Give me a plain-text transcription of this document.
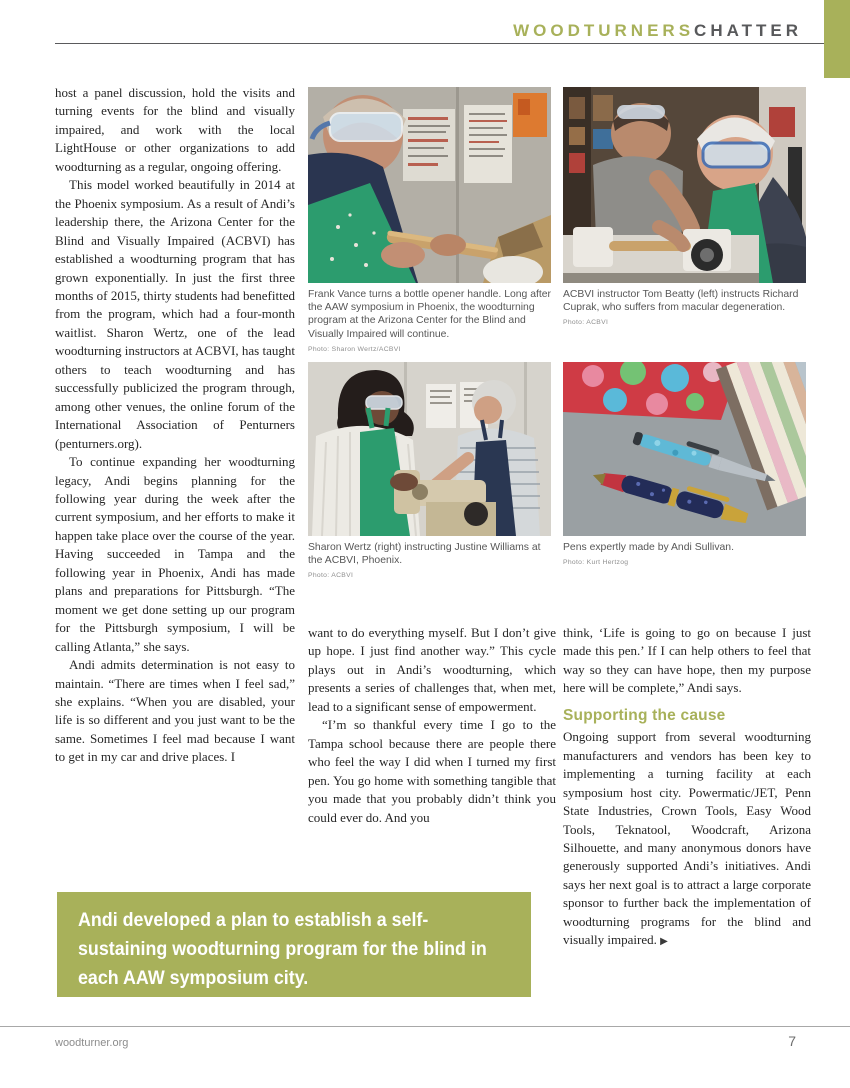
WOODTURNERSCHATTER

host a panel discussion, hold the visits and turning events for the blind and visually impaired, and work with the local LightHouse or other organizations to add woodturning as a regular, ongoing offering.

This model worked beautifully in 2014 at the Phoenix symposium. As a result of Andi’s leadership there, the Arizona Center for the Blind and Visually Impaired (ACBVI) has established a woodturning program that has grown exponentially. In just the first three months of 2015, thirty students had benefitted from the program, which had a four-month waitlist. Sharon Wertz, one of the lead woodturning instructors at ACBVI, has taught others to teach woodturning and has successfully publicized the program through, among other venues, the online forum of the International Association of Penturners (penturners.org).

To continue expanding her woodturning legacy, Andi begins planning for the following year during the week after the current symposium, and her efforts to make it happen take place over the course of the year. Having succeeded in Tampa and the following year in Phoenix, Andi has made plans and preparations for Pittsburgh. “The moment we get done setting up our program for the Pittsburgh symposium, I will be calling Atlanta,” she says.

Andi admits determination is not easy to maintain. “There are times when I feel sad,” she explains. “When you are disabled, your life is so different and you just want to be the same. Sometimes I feel mad because I want to get in my car and drive places. I

Frank Vance turns a bottle opener handle. Long after the AAW symposium in Phoenix, the woodturning program at the Arizona Center for the Blind and Visually Impaired will continue.
Photo: Sharon Wertz/ACBVI
ACBVI instructor Tom Beatty (left) instructs Richard Cuprak, who suffers from macular degeneration.
Photo: ACBVI
Sharon Wertz (right) instructing Justine Williams at the ACBVI, Phoenix.
Photo: ACBVI
Pens expertly made by Andi Sullivan.
Photo: Kurt Hertzog

want to do everything myself. But I don’t give up hope. I just find another way.” This cycle plays out in Andi’s woodturning, which presents a series of challenges that, when met, lead to a significant sense of empowerment.

“I’m so thankful every time I go to the Tampa school because there are people there who feel the way I did when I turned my first pen. You go home with something tangible that you made that you probably didn’t think you could ever do. And you

think, ‘Life is going to go on because I just made this pen.’ If I can help others to feel that way so they can have hope, then my purpose here will be complete,” Andi says.

Supporting the cause

Ongoing support from several woodturning manufacturers and vendors has been key to implementing a turning facility at each symposium host city. Powermatic/JET, Penn State Industries, Crown Tools, Easy Wood Tools, Teknatool, Woodcraft, Arizona Silhouette, and many anonymous donors have generously supported Andi’s initiatives. Andi says her next goal is to attract a large corporate sponsor to further back the implementation of woodturning programs for the blind and visually impaired. ▶

Andi developed a plan to establish a self-sustaining woodturning program for the blind in each AAW symposium city.
woodturner.org	7
